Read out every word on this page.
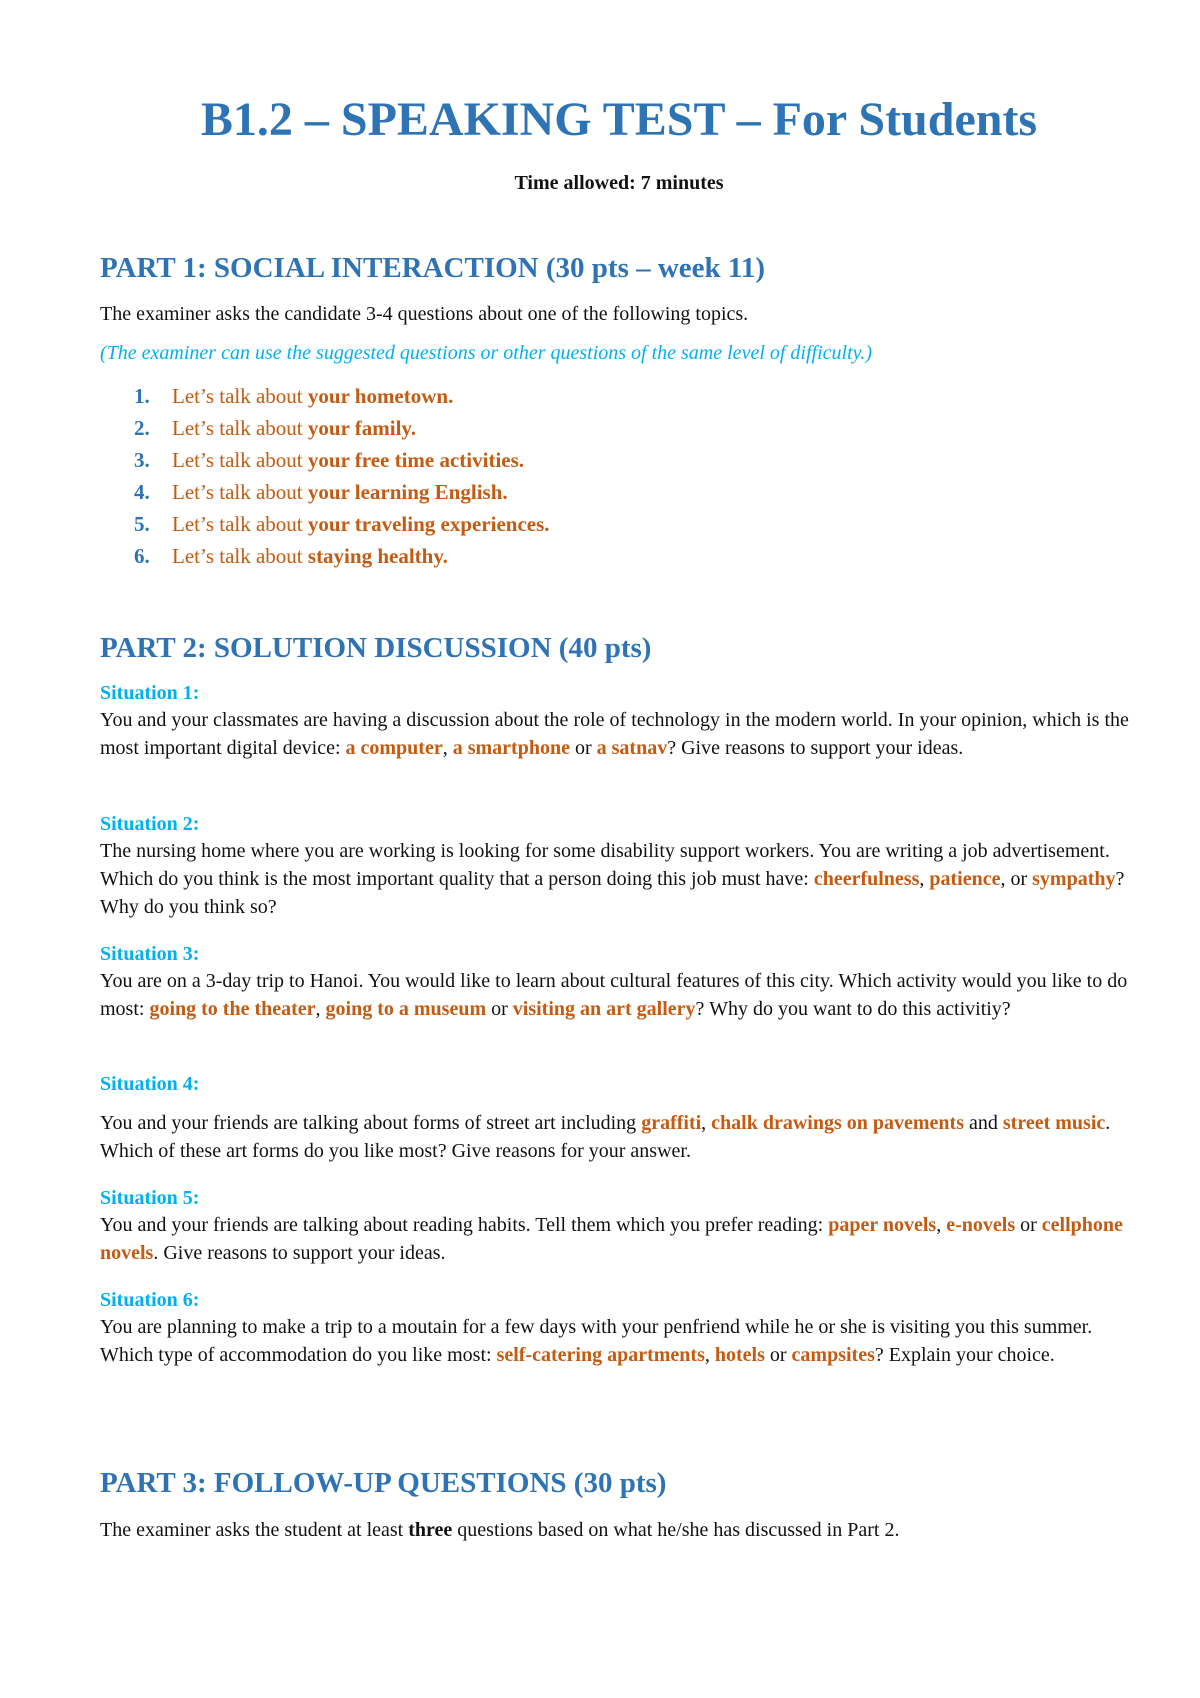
B1.2 – SPEAKING TEST – For Students
Time allowed: 7 minutes
PART 1: SOCIAL INTERACTION (30 pts – week 11)
The examiner asks the candidate 3-4 questions about one of the following topics.
(The examiner can use the suggested questions or other questions of the same level of difficulty.)
1. Let’s talk about your hometown.
2. Let’s talk about your family.
3. Let’s talk about your free time activities.
4. Let’s talk about your learning English.
5. Let’s talk about your traveling experiences.
6. Let’s talk about staying healthy.
PART 2: SOLUTION DISCUSSION (40 pts)
Situation 1:
You and your classmates are having a discussion about the role of technology in the modern world. In your opinion, which is the most important digital device: a computer, a smartphone or a satnav? Give reasons to support your ideas.
Situation 2:
The nursing home where you are working is looking for some disability support workers. You are writing a job advertisement. Which do you think is the most important quality that a person doing this job must have: cheerfulness, patience, or sympathy? Why do you think so?
Situation 3:
You are on a 3-day trip to Hanoi. You would like to learn about cultural features of this city. Which activity would you like to do most: going to the theater, going to a museum or visiting an art gallery? Why do you want to do this activitiy?
Situation 4:
You and your friends are talking about forms of street art including graffiti, chalk drawings on pavements and street music. Which of these art forms do you like most? Give reasons for your answer.
Situation 5:
You and your friends are talking about reading habits. Tell them which you prefer reading: paper novels, e-novels or cellphone novels. Give reasons to support your ideas.
Situation 6:
You are planning to make a trip to a moutain for a few days with your penfriend while he or she is visiting you this summer. Which type of accommodation do you like most: self-catering apartments, hotels or campsites? Explain your choice.
PART 3: FOLLOW-UP QUESTIONS (30 pts)
The examiner asks the student at least three questions based on what he/she has discussed in Part 2.
